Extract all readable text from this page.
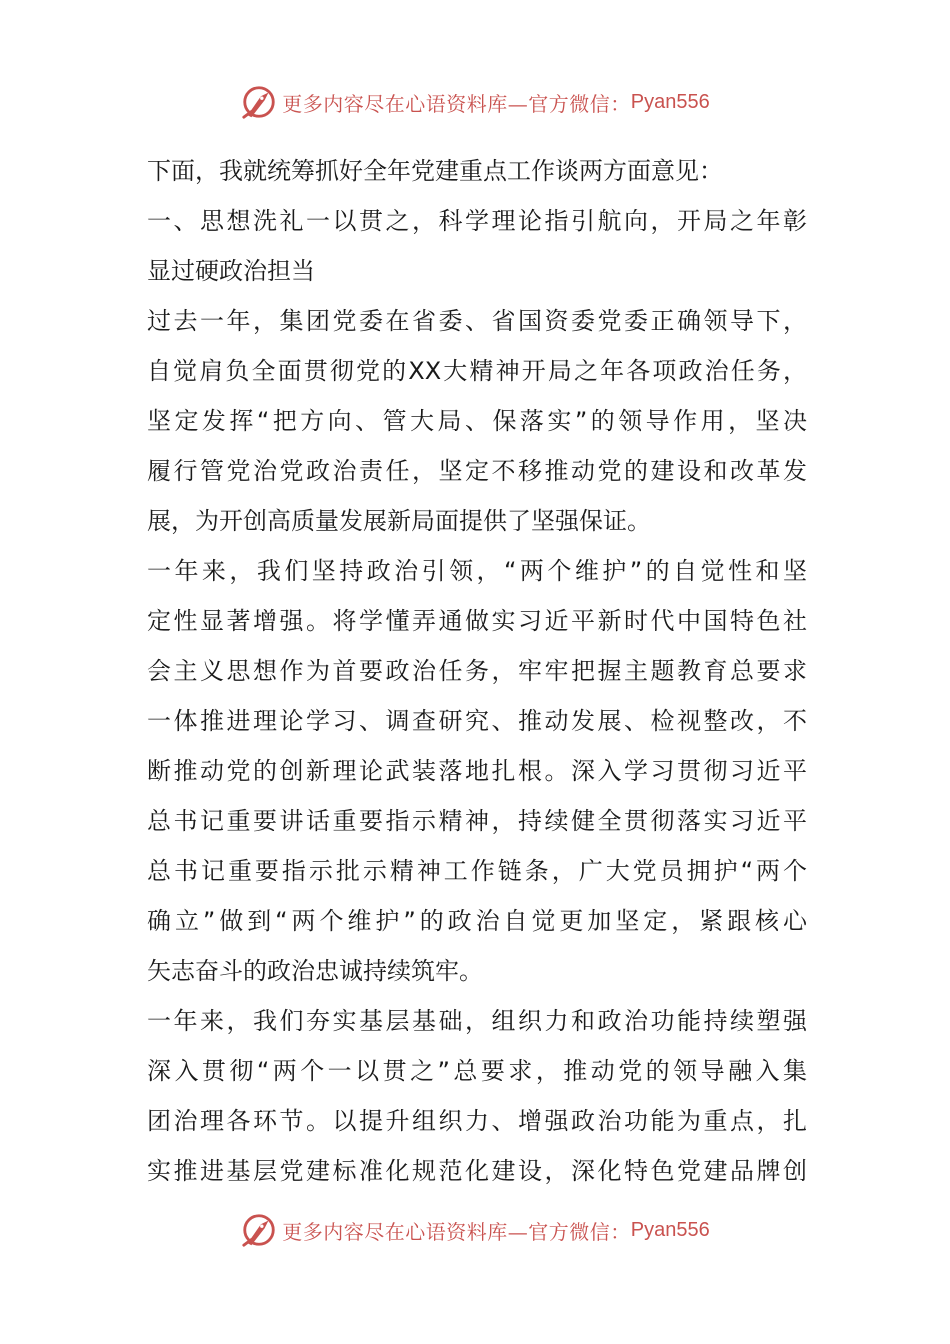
更多内容尽在心语资料库—官方微信： Pyan556
下面，我就统筹抓好全年党建重点工作谈两方面意见：
一、思想洗礼一以贯之，科学理论指引航向，开局之年彰
显过硬政治担当
过去一年，集团党委在省委、省国资委党委正确领导下，
自觉肩负全面贯彻党的XX大精神开局之年各项政治任务，
坚定发挥“把方向、管大局、保落实”的领导作用，坚决
履行管党治党政治责任，坚定不移推动党的建设和改革发
展，为开创高质量发展新局面提供了坚强保证。
一年来，我们坚持政治引领，“两个维护”的自觉性和坚
定性显著增强。将学懂弄通做实习近平新时代中国特色社
会主义思想作为首要政治任务，牢牢把握主题教育总要求
一体推进理论学习、调查研究、推动发展、检视整改，不
断推动党的创新理论武装落地扎根。深入学习贯彻习近平
总书记重要讲话重要指示精神，持续健全贯彻落实习近平
总书记重要指示批示精神工作链条，广大党员拥护“两个
确立”做到“两个维护”的政治自觉更加坚定，紧跟核心
矢志奋斗的政治忠诚持续筑牢。
一年来，我们夯实基层基础，组织力和政治功能持续塑强
深入贯彻“两个一以贯之”总要求，推动党的领导融入集
团治理各环节。以提升组织力、增强政治功能为重点，扎
实推进基层党建标准化规范化建设，深化特色党建品牌创
更多内容尽在心语资料库—官方微信： Pyan556
